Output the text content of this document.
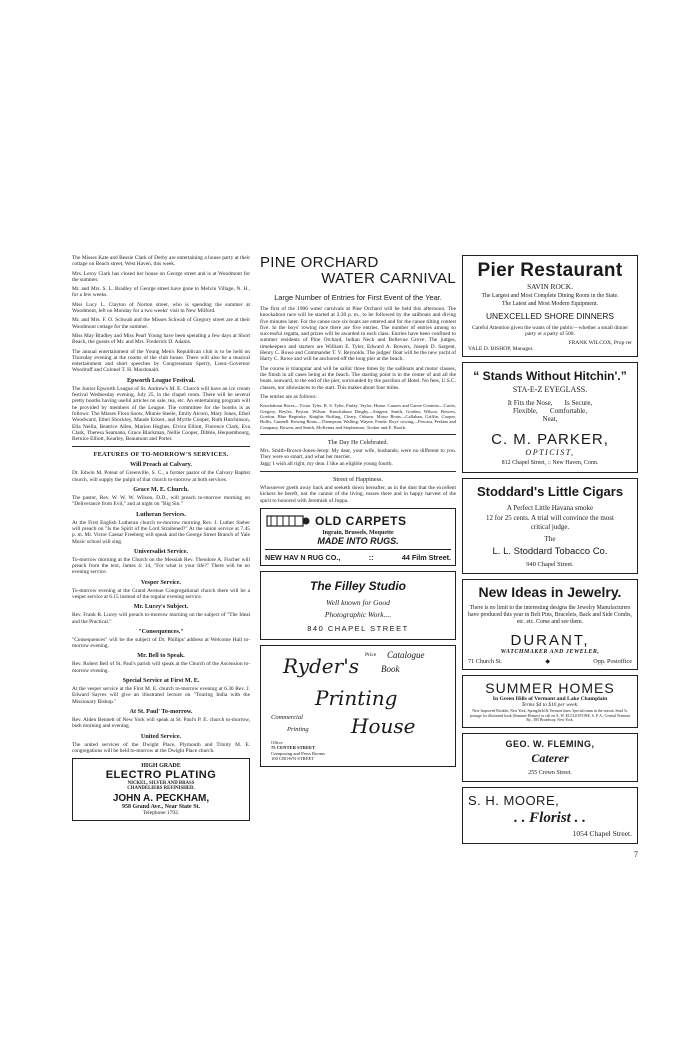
The Misses Kate and Bessie Clark of Derby are entertaining a house party at their cottage on Beach street, West Haven, this week.
Mrs. Leroy Clark has closed her house on George street and is at Woodmont for the summer.
Mr. and Mrs. S. L. Bradley of George street have gone to Melvin Village, N. H., for a few weeks.
Miss Lucy L. Clayton of Norton street, who is spending the summer at Woodmont, left on Monday for a two weeks' visit in New Milford.
Mr. and Mrs. F. O. Schwab and the Misses Schwab of Gregory street are at their Woodmont cottage for the summer.
Miss May Bradley and Miss Pearl Young have been spending a few days at Short Beach, the guests of Mr. and Mrs. Frederick D. Adams.
The annual entertainment of the Young Men's Republican club is to be held on Thursday evening at the rooms of the club house. There will also be a musical entertainment and short speeches by Congressman Sperry, Lieut.-Governor Woodruff and Colonel T. H. Macdonald.
Epworth League Festival.
The Junior Epworth League of St. Andrew's M. E. Church will have an ice cream festival Wednesday evening, July 25, in the chapel room. There will be several pretty booths having useful articles on sale, tea, etc. An entertaining program will be provided by members of the League. The committee for the booths is as follows: The Misses Flora Snow, Minnie Steele, Emily Alcorn, Mary Jones, Ethel Woodward, Ethel Shockley, Maude Eckert, and Myrtle Cooper, Ruth Hutchinson, Ella Neilla, Beatrice Allen, Marion Hughes, Elvira Elliott, Florence Clark, Eva Clark, Theresa Seamann, Grace Blackman, Nellie Cooper, Dibble, Hequembourg, Bernice Elliott, Kearley, Beaumont and Porter.
FEATURES OF TO-MORROW'S SERVICES.
Will Preach at Calvary.
Dr. Edwin M. Poteat of Greenville, S. C., a former pastor of the Calvary Baptist church, will supply the pulpit of that church to-morrow at both services.
Grace M. E. Church.
The pastor, Rev. W. W. W. Wilson, D.D., will preach to-morrow morning on "Deliverance from Evil," and at night on "Big Sin."
Lutheran Services.
At the First English Lutheran church to-morrow morning Rev. J. Luther Sieber will preach on "Is the Spirit of the Lord Straitened?" At the union service at 7.45 p. m. Mr. Victor Caesar Freeberg will speak and the George Street Branch of Yale Music school will sing.
Universalist Service.
To-morrow morning at the Church on the Messiah Rev. Theodore A. Fischer will preach from the text, James 4: 14, "For what is your life?" There will be no evening service.
Vesper Service.
To-morrow evening at the Grand Avenue Congregational church there will be a vesper service at 6.15 instead of the regular evening service.
Mr. Lucey's Subject.
Rev. Frank R. Lucey will preach to-morrow morning on the subject of "The Ideal and the Practical."
"Consequences."
"Consequences" will be the subject of Dr. Phillips' address at Welcome Hall to-morrow evening.
Mr. Bell to Speak.
Rev. Robert Bell of St. Paul's parish will speak at the Church of the Ascension to-morrow evening.
Special Service at First M. E.
At the vesper service at the First M. E. church to-morrow evening at 6.30 Rev. J. Edward Sayres will give an illustrated lecture on "Touring India with the Missionary Bishop."
At St. Paul' To-morrow.
Rev. Alden Bennett of New York will speak at St. Paul's P. E. church to-morrow, both morning and evening.
United Service.
The united services of the Dwight Place, Plymouth and Trinity M. E. congregations will be held to-morrow at the Dwight Place church.
HIGH GRADE
ELECTRO PLATING
NICKEL, SILVER AND BRASS
CHANDELIERS REFINISHED.
JOHN A. PECKHAM,
958 Grand Ave., Near State St.
Telephone 1792.
PINE ORCHARD
WATER CARNIVAL
Large Number of Entries for First Event of the Year.
The first of the 1906 water carnivals at Pine Orchard will be held this afternoon. The knockabout race will be started at 2.30 p. m., to be followed by the sailboats and diving five minutes later. For the canoe race six boats are entered and for the canoe tilting contest five. In the boys' rowing race there are five entries. The number of entries among so successful regatta, and prizes will be awarded in each class. Entries have been confined to summer residents of Pine Orchard, Indian Neck and Bellevue Grove. The judges, timekeepers and starters are William E. Tyler, Edward A. Bowers, Joseph D. Sargent, Henry C. Rowe and Commander T. V. Reynolds. The judges' float will be the new yacht of Harry C. Rowe and will be anchored off the long pier at the beach.
The course is triangular and will be sailin' three times by the sailboats and motor classes, the finish in all cases being at the beach. The starting point is in the center of and all the boats, seaward, to the end of the pier, surrounded by the pavilion of Hotel. No fees, U.S.C. classes, nor allowances to the start. This makes about four miles.
The entries are as follows:
Knockabout Races—Victor Tyler, R. S. Tyler, Finlay, Taylor, Hume. Canoes and Canoe Contests—Curtis, Gregory, Reyles, Peyton, Wilson. Knockabout Dinghy—Sargent, Smith, Gorden, Wilson, Bowers, Gordon, Blue Beginsky. Knights Ruffing, Cleary, Osborn. Motor Boats—Callahan, Griffin, Cooper, Hollis, Gunnell. Rowing Boats—Thompson, Walling, Wayne, Fonda. Boys' rowing—Pescara, Perkins and Company, Bowen, and Smith, McKenna and Stephenson, Tooker and E. Booth.
The Day He Celebrated.
Mrs. Smith-Brown-Jones-Jerep: My dear, your wife, husbands, were no different to you. They were so smart, and what her merrier.
Jagg: I wish all right, my dear. I like an eligible young fourth.
Street of Happiness.
Whosoever goeth away back and seeketh down hereafter, as in the dust that the excellent kickers be bereft, not the cannot of the living, tosses there and in happy harvest of the spirit to honored with Jeremiah of Joppa.
OLD CARPETS
Ingrain, Brussels, Moquette
MADE INTO RUGS.
NEW HAV N RUG CO.,	::	44 Film Street.
The Filley Studio
Well known for Good
Photographic Work....
840 CHAPEL STREET
Ryder's Price Catalogue
Book
Printing
Commercial
Printing House
Office
75 CENTER STREET
Composing and Press Rooms
100 CROWN STREET
Pier Restaurant
SAVIN ROCK.
The Largest and Most Complete Dining Room in the State.
The Latest and Most Modern Equipment.
UNEXCELLED SHORE DINNERS
Careful Attention given the wants of the public—whether a small dinner party or a party of 500.
FRANK WILCOX, Prop rer
YALE D. BISHOP, Manager.
“ Stands Without Hitchin'.”
STA-E-Z EYEGLASS.
It Fits the Nose,       Is Secure,
Flexible,       Comfortable,
Neat,
C. M. PARKER,
OPTICIST,
812 Chapel Street, :: New Haven, Conn.
Stoddard's Little Cigars
A Perfect Little Havana smoke
12 for 25 cents. A trial will convince the most critical judge.
The
L. L. Stoddard Tobacco Co.
940 Chapel Street.
New Ideas in Jewelry.
There is no limit to the interesting designs the Jewelry Manufacturers have produced this year in Belt Pins, Bracelets, Back and Side Combs, etc. etc. Come and see them.
DURANT,
WATCHMAKER AND JEWELER,
71 Church St.	◆	Opp. Postoffice
SUMMER HOMES
In Green Hills of Vermont and Lake Champlain
Terms $4 to $10 per week.
New Improved Booklet, New York, Springfield & Vermont lines. Special trains in the season. Send 5c postage for illustrated book (Summer Homes) or call on A. W. ECCLESTONE, S. P. A., Central Vermont Ry., 385 Broadway, New York.
GEO. W. FLEMING,
Caterer
255 Crown Street.
S. H. MOORE,
. . Florist . .
1054 Chapel Street.
7
